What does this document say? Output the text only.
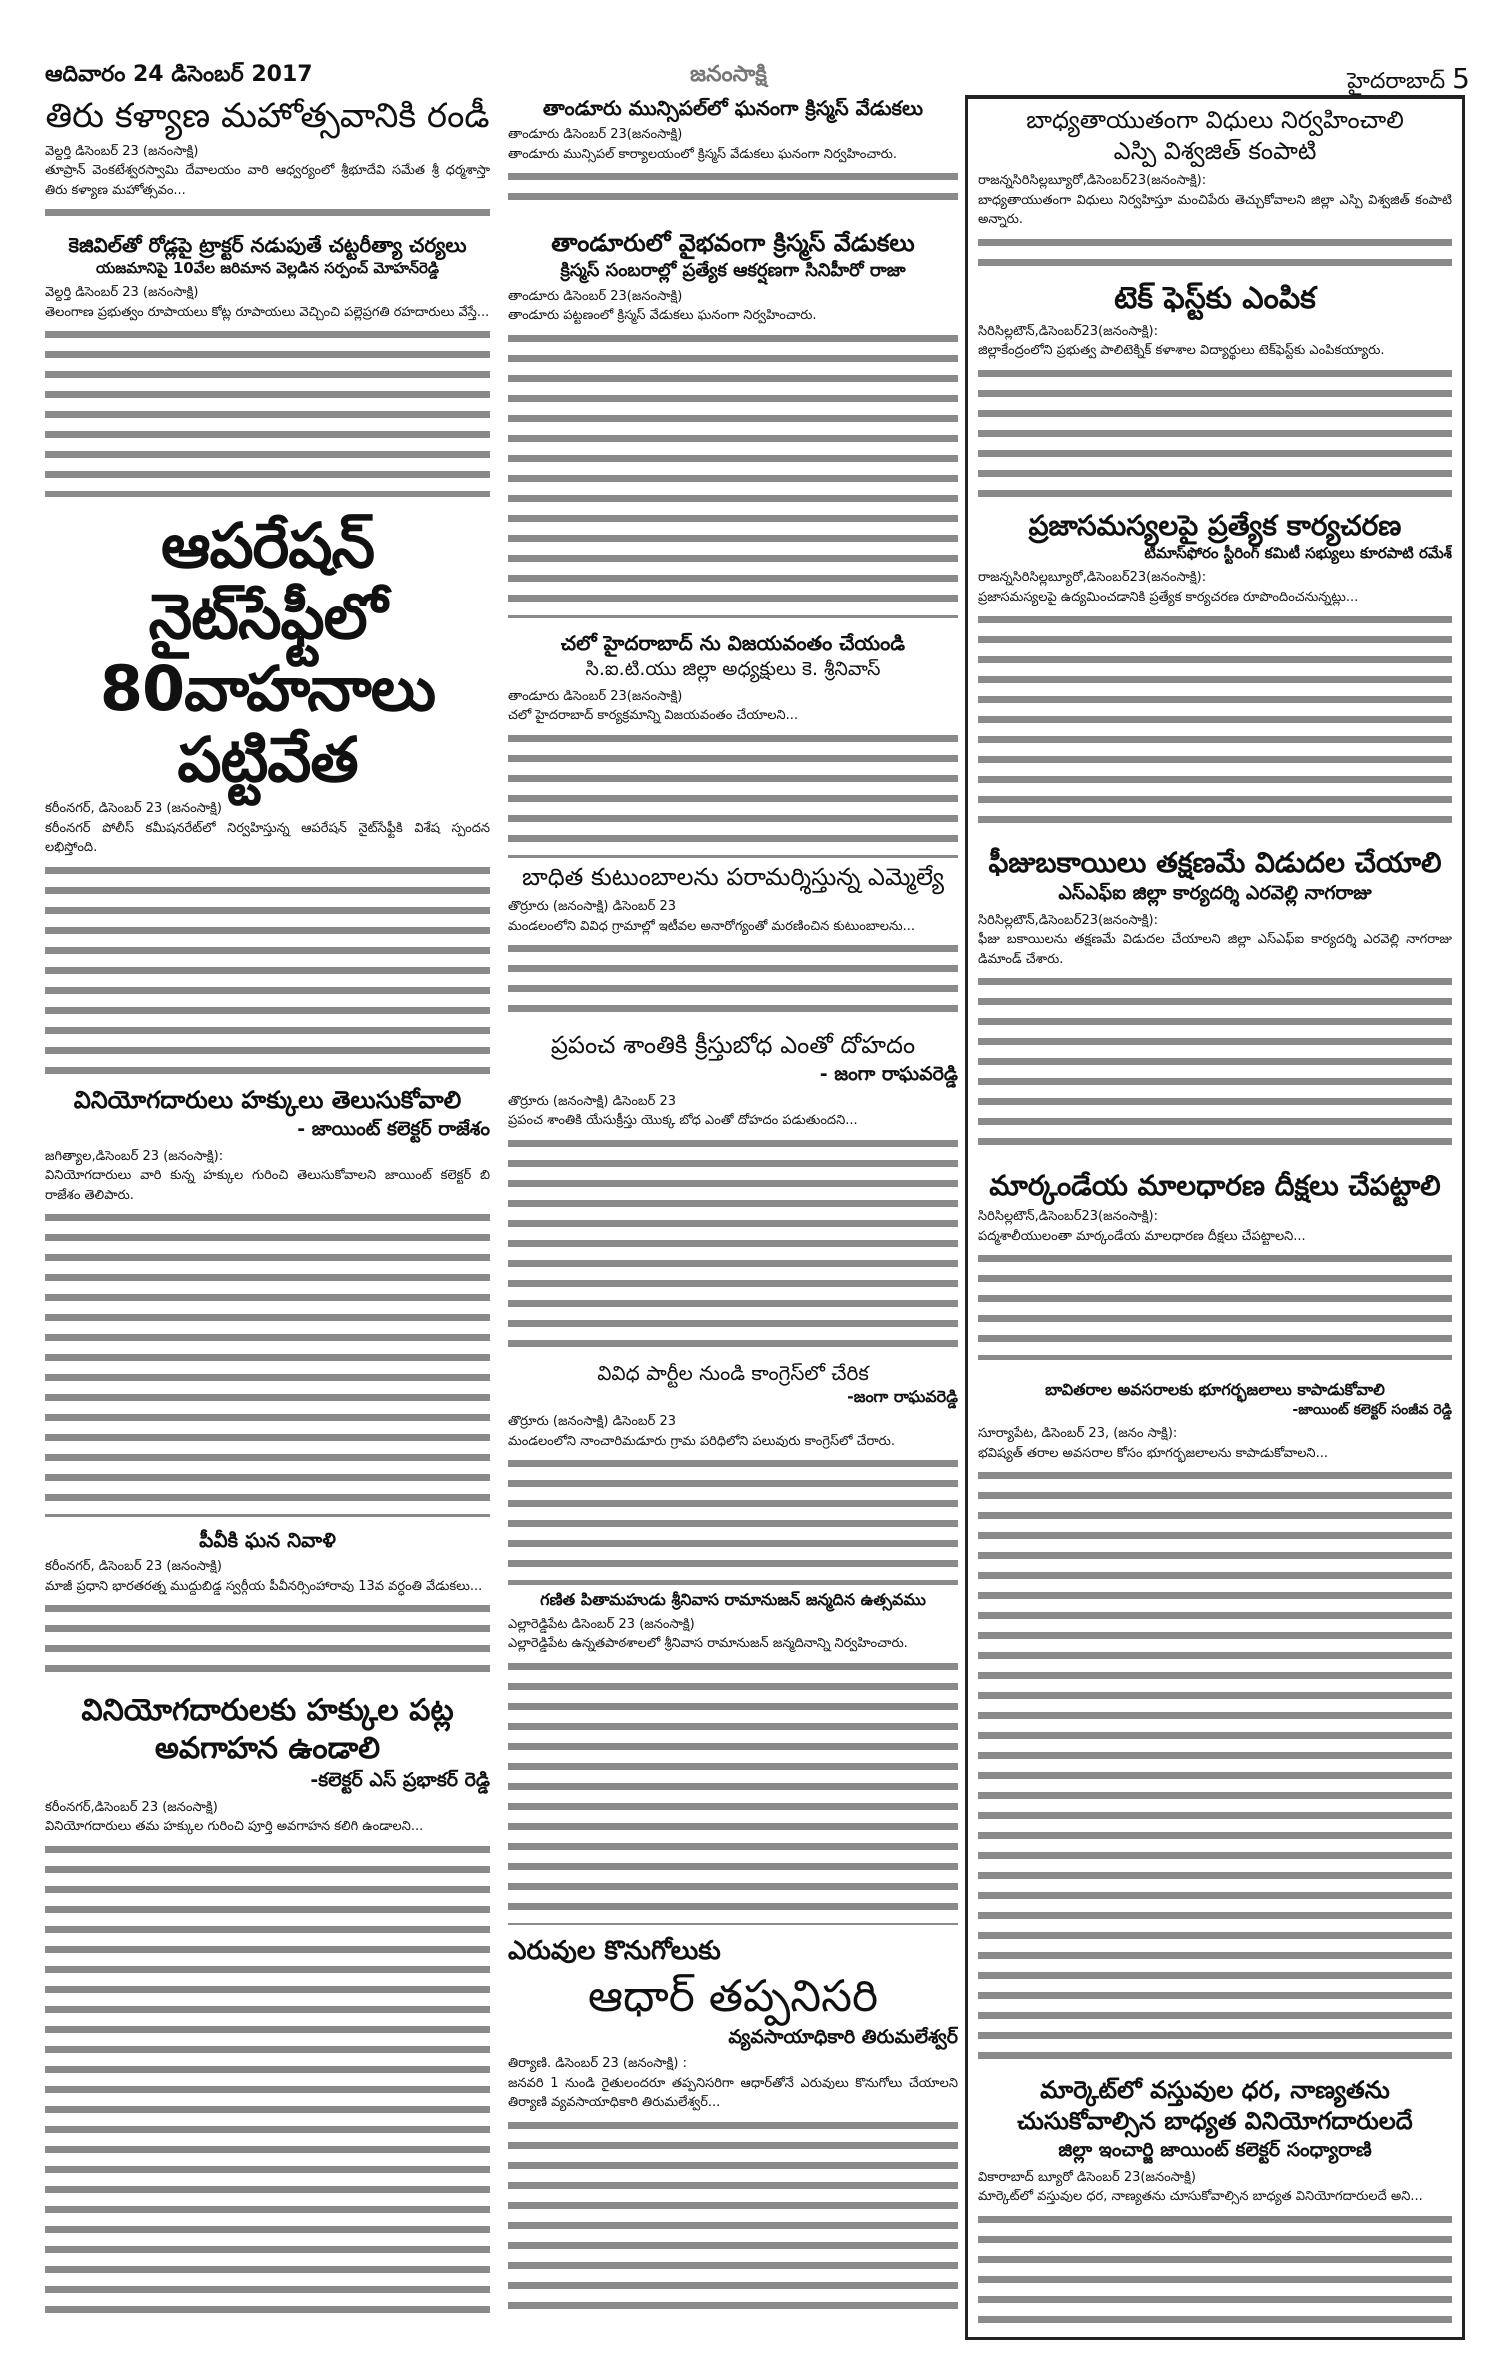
ఆదివారం 24 డిసెంబర్ 2017	జనంసాక్షి	హైదరాబాద్ 5
తిరు కళ్యాణ మహోత్సవానికి రండీ
వెల్దర్తి డిసెంబర్ 23 (జనంసాక్షి)
తూప్రాన్ వెంకటేశ్వరస్వామి దేవాలయం వారి ఆధ్వర్యంలో శ్రీభూదేవి సమేత శ్రీ ధర్మశాస్తా తిరు కళ్యాణ మహోత్సవం...
కెజివిల్‌తో రోడ్లపై ట్రాక్టర్ నడుపుతే చట్టరీత్యా చర్యలు
యజమానిపై 10వేల జరిమాన వెల్లడిన సర్పంచ్ మోహన్‌రెడ్డి
వెల్దర్తి డిసెంబర్ 23 (జనంసాక్షి)
తెలంగాణ ప్రభుత్వం రూపాయలు కోట్ల రూపాయలు వెచ్చించి పల్లెప్రగతి రహదారులు వేస్తే...
ఆపరేషన్ నైట్‌సేఫ్టీలో 80వాహనాలు పట్టివేత
కరీంనగర్, డిసెంబర్ 23 (జనంసాక్షి)
కరీంనగర్ పోలీస్ కమీషనరేట్‌లో నిర్వహిస్తున్న ఆపరేషన్ నైట్‌సేఫ్టీకి విశేష స్పందన లభిస్తోంది.
వినియోగదారులు హక్కులు తెలుసుకోవాలి
- జాయింట్ కలెక్టర్ రాజేశం
జగిత్యాల,డిసెంబర్ 23 (జనంసాక్షి):
వినియోగదారులు వారి కున్న హక్కుల గురించి తెలుసుకోవాలని జాయింట్ కలెక్టర్ బి రాజేశం తెలిపారు.
పీవీకి ఘన నివాళి
కరీంనగర్, డిసెంబర్ 23 (జనంసాక్షి)
మాజీ ప్రధాని భారతరత్న ముద్దుబిడ్డ స్వర్గీయ పీవీనర్సింహారావు 13వ వర్ధంతి వేడుకలు...
వినియోగదారులకు హక్కుల పట్ల అవగాహన ఉండాలి
-కలెక్టర్ ఎస్ ప్రభాకర్ రెడ్డి
కరీంనగర్,డిసెంబర్ 23 (జనంసాక్షి)
వినియోగదారులు తమ హక్కుల గురించి పూర్తి అవగాహన కలిగి ఉండాలని...
తాండూరు మున్సిపల్‌లో ఘనంగా క్రిస్మస్ వేడుకలు
తాండూరు డిసెంబర్ 23(జనంసాక్షి)
తాండూరు మున్సిపల్ కార్యాలయంలో క్రిస్మస్ వేడుకలు ఘనంగా నిర్వహించారు.
తాండూరులో వైభవంగా క్రిస్మస్ వేడుకలు
క్రిస్మస్ సంబరాల్లో ప్రత్యేక ఆకర్షణగా సినిహీరో రాజా
తాండూరు డిసెంబర్ 23(జనంసాక్షి)
తాండూరు పట్టణంలో క్రిస్మస్ వేడుకలు ఘనంగా నిర్వహించారు.
చలో హైదరాబాద్ ను విజయవంతం చేయండి
సి.ఐ.టి.యు జిల్లా అధ్యక్షులు కె. శ్రీనివాస్
తాండూరు డిసెంబర్ 23(జనంసాక్షి)
చలో హైదరాబాద్ కార్యక్రమాన్ని విజయవంతం చేయాలని...
బాధిత కుటుంబాలను పరామర్శిస్తున్న ఎమ్మెల్యే
తొర్రూరు (జనంసాక్షి) డిసెంబర్ 23
మండలంలోని వివిధ గ్రామాల్లో ఇటీవల అనారోగ్యంతో మరణించిన కుటుంబాలను...
ప్రపంచ శాంతికి క్రీస్తుబోధ ఎంతో దోహదం
- జంగా రాఘవరెడ్డి
తొర్రూరు (జనంసాక్షి) డిసెంబర్ 23
ప్రపంచ శాంతికి యేసుక్రీస్తు యొక్క బోధ ఎంతో దోహదం పడుతుందని...
వివిధ పార్టీల నుండి కాంగ్రెస్‌లో చేరిక
-జంగా రాఘవరెడ్డి
తొర్రూరు (జనంసాక్షి) డిసెంబర్ 23
మండలంలోని నాంచారిమడూరు గ్రామ పరిధిలోని పలువురు కాంగ్రెస్‌లో చేరారు.
గణిత పితామహుడు శ్రీనివాస రామానుజన్ జన్మదిన ఉత్సవము
ఎల్లారెడ్డిపేట డిసెంబర్ 23 (జనంసాక్షి)
ఎల్లారెడ్డిపేట ఉన్నతపాఠశాలలో శ్రీనివాస రామానుజన్ జన్మదినాన్ని నిర్వహించారు.
ఎరువుల కొనుగోలుకు
ఆధార్ తప్పనిసరి
వ్యవసాయాధికారి తిరుమలేశ్వర్
తిర్యాణి. డిసెంబర్ 23 (జనంసాక్షి) :
జనవరి 1 నుండి రైతులందరూ తప్పనిసరిగా ఆధార్‌తోనే ఎరువులు కొనుగోలు చేయాలని తిర్యాణి వ్యవసాయాధికారి తిరుమలేశ్వర్...
బాధ్యతాయుతంగా విధులు నిర్వహించాలి
ఎస్పి విశ్వజిత్ కంపాటి
రాజన్నసిరిసిల్లబ్యూరో,డిసెంబర్23(జనంసాక్షి):
బాధ్యతాయుతంగా విధులు నిర్వహిస్తూ మంచిపేరు తెచ్చుకోవాలని జిల్లా ఎస్పి విశ్వజిత్ కంపాటి అన్నారు.
టెక్ ఫెస్ట్‌కు ఎంపిక
సిరిసిల్లటౌన్,డిసెంబర్23(జనంసాక్షి):
జిల్లాకేంద్రంలోని ప్రభుత్వ పాలిటెక్నిక్ కళాశాల విద్యార్థులు టెక్‌ఫెస్ట్‌కు ఎంపికయ్యారు.
ప్రజాసమస్యలపై ప్రత్యేక కార్యచరణ
టీమాస్‌ఫోరం స్టీరింగ్ కమిటీ సభ్యులు కూరపాటి రమేశ్
రాజన్నసిరిసిల్లబ్యూరో,డిసెంబర్23(జనంసాక్షి):
ప్రజాసమస్యలపై ఉద్యమించడానికి ప్రత్యేక కార్యచరణ రూపొందించనున్నట్లు...
ఫీజుబకాయిలు తక్షణమే విడుదల చేయాలి
ఎస్‌ఎఫ్‌ఐ జిల్లా కార్యదర్శి ఎరవెల్లి నాగరాజు
సిరిసిల్లటౌన్,డిసెంబర్23(జనంసాక్షి):
ఫీజు బకాయిలను తక్షణమే విడుదల చేయాలని జిల్లా ఎస్‌ఎఫ్‌ఐ కార్యదర్శి ఎరవెల్లి నాగరాజు డిమాండ్ చేశారు.
మార్కండేయ మాలధారణ దీక్షలు చేపట్టాలి
సిరిసిల్లటౌన్,డిసెంబర్23(జనంసాక్షి):
పద్మశాలీయులంతా మార్కండేయ మాలధారణ దీక్షలు చేపట్టాలని...
బావితరాల అవసరాలకు భూగర్భజలాలు కాపాడుకోవాలి
-జాయింట్ కలెక్టర్ సంజీవ రెడ్డి
సూర్యాపేట, డిసెంబర్ 23, (జనం సాక్షి):
భవిష్యత్ తరాల అవసరాల కోసం భూగర్భజలాలను కాపాడుకోవాలని...
మార్కెట్‌లో వస్తువుల ధర, నాణ్యతను
చుసుకోవాల్సిన బాధ్యత వినియోగదారులదే
జిల్లా ఇంచార్జి జాయింట్ కలెక్టర్ సంధ్యారాణి
వికారాబాద్ బ్యూరో డిసెంబర్ 23(జనంసాక్షి)
మార్కెట్‌లో వస్తువుల ధర, నాణ్యతను చూసుకోవాల్సిన బాధ్యత వినియోగదారులదే అని...
